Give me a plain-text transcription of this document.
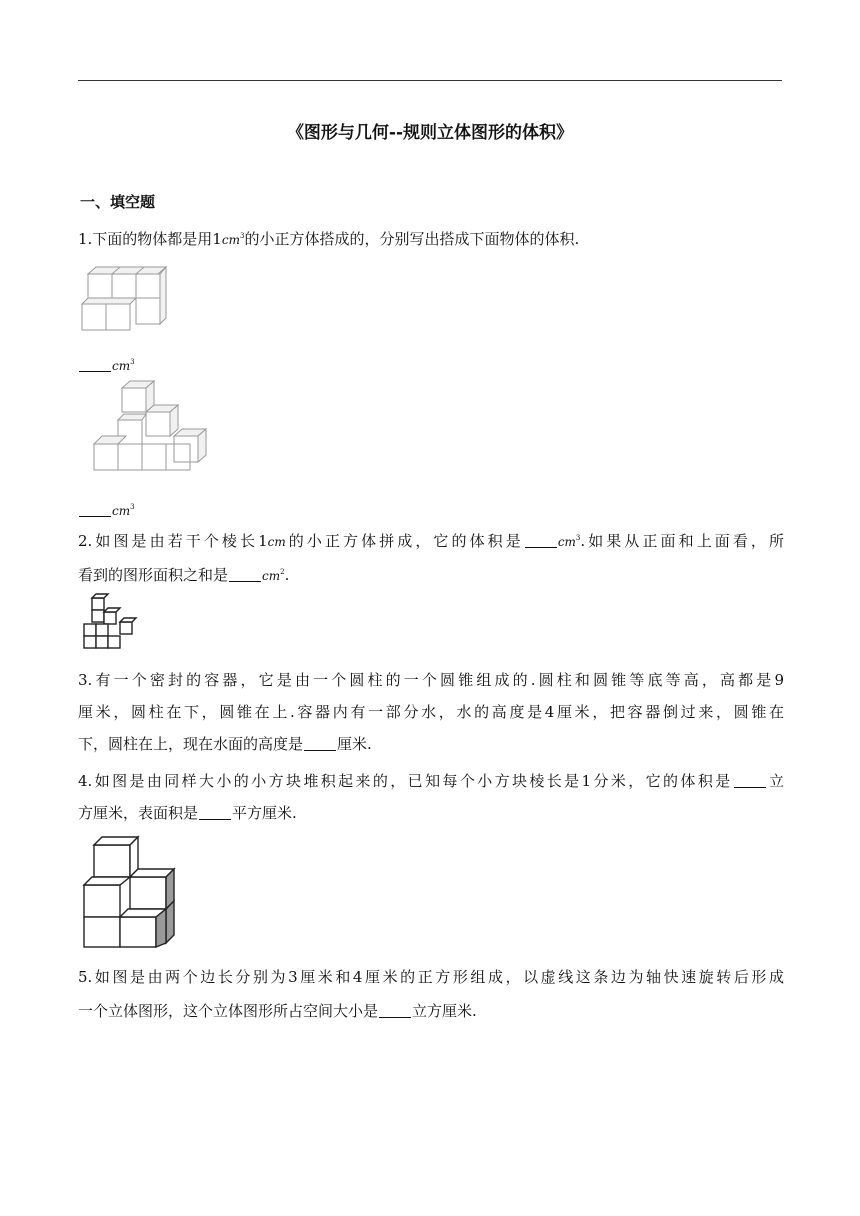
《图形与几何--规则立体图形的体积》
一、填空题
1.下面的物体都是用$1cm^3$的小正方体搭成的，分别写出搭成下面物体的体积.
$cm^3$
$cm^3$
2.如图是由若干个棱长1cm的小正方体拼成，它的体积是	$cm^3$.如果从正面和上面看，所
看到的图形面积之和是	$cm^2$.
3.有一个密封的容器，它是由一个圆柱的一个圆锥组成的.圆柱和圆锥等底等高，高都是9
厘米，圆柱在下，圆锥在上.容器内有一部分水，水的高度是4厘米，把容器倒过来，圆锥在
下，圆柱在上，现在水面的高度是 厘米.
4.如图是由同样大小的小方块堆积起来的，已知每个小方块棱长是1分米，它的体积是 立
方厘米，表面积是 平方厘米.
5.如图是由两个边长分别为3厘米和4厘米的正方形组成，以虚线这条边为轴快速旋转后形成
一个立体图形，这个立体图形所占空间大小是 立方厘米.
